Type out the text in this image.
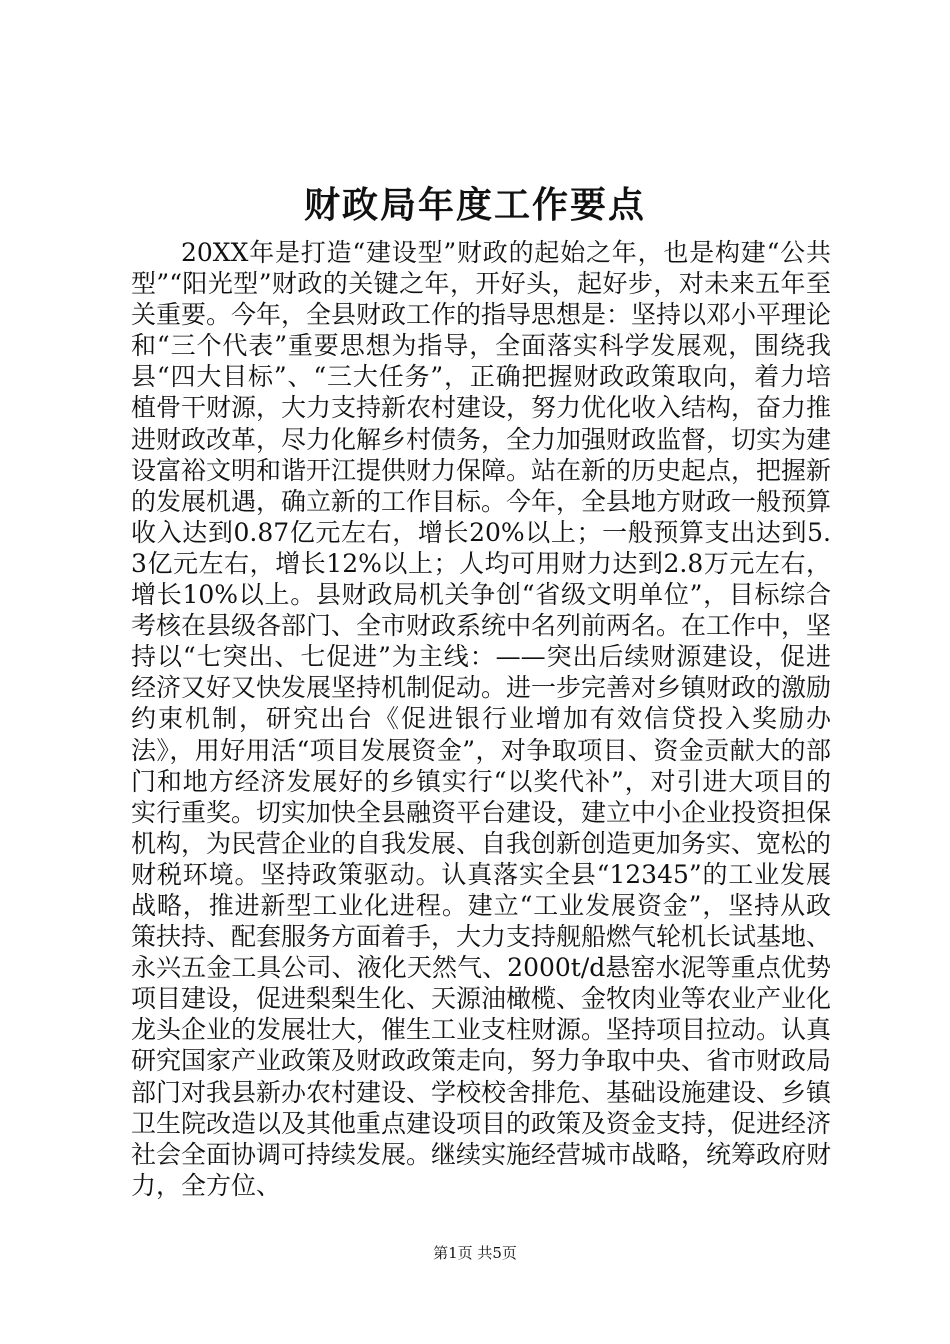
财政局年度工作要点

20XX年是打造“建设型”财政的起始之年，也是构建“公共型”“阳光型”财政的关键之年，开好头，起好步，对未来五年至关重要。今年，全县财政工作的指导思想是：坚持以邓小平理论和“三个代表”重要思想为指导，全面落实科学发展观，围绕我县“四大目标”、“三大任务”，正确把握财政政策取向，着力培植骨干财源，大力支持新农村建设，努力优化收入结构，奋力推进财政改革，尽力化解乡村债务，全力加强财政监督，切实为建设富裕文明和谐开江提供财力保障。站在新的历史起点，把握新的发展机遇，确立新的工作目标。今年，全县地方财政一般预算收入达到0.87亿元左右，增长20%以上；一般预算支出达到5.3亿元左右，增长12%以上；人均可用财力达到2.8万元左右，增长10%以上。县财政局机关争创“省级文明单位”，目标综合考核在县级各部门、全市财政系统中名列前两名。在工作中，坚持以“七突出、七促进”为主线：——突出后续财源建设，促进经济又好又快发展坚持机制促动。进一步完善对乡镇财政的激励约束机制，研究出台《促进银行业增加有效信贷投入奖励办法》，用好用活“项目发展资金”，对争取项目、资金贡献大的部门和地方经济发展好的乡镇实行“以奖代补”，对引进大项目的实行重奖。切实加快全县融资平台建设，建立中小企业投资担保机构，为民营企业的自我发展、自我创新创造更加务实、宽松的财税环境。坚持政策驱动。认真落实全县“12345”的工业发展战略，推进新型工业化进程。建立“工业发展资金”，坚持从政策扶持、配套服务方面着手，大力支持舰船燃气轮机长试基地、永兴五金工具公司、液化天然气、2000t/d悬窑水泥等重点优势项目建设，促进梨梨生化、天源油橄榄、金牧肉业等农业产业化龙头企业的发展壮大，催生工业支柱财源。坚持项目拉动。认真研究国家产业政策及财政政策走向，努力争取中央、省市财政局部门对我县新办农村建设、学校校舍排危、基础设施建设、乡镇卫生院改造以及其他重点建设项目的政策及资金支持，促进经济社会全面协调可持续发展。继续实施经营城市战略，统筹政府财力，全方位、

第1页 共5页
